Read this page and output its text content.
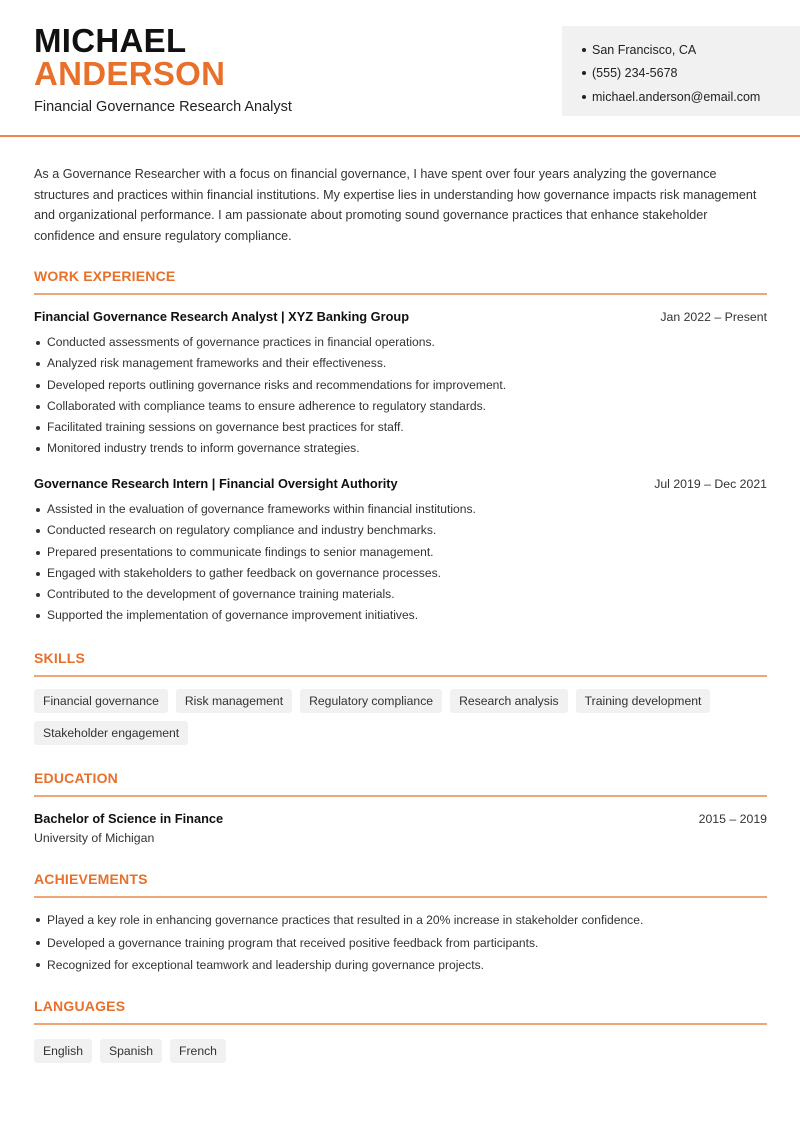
MICHAEL
ANDERSON
Financial Governance Research Analyst
San Francisco, CA
(555) 234-5678
michael.anderson@email.com

As a Governance Researcher with a focus on financial governance, I have spent over four years analyzing the governance structures and practices within financial institutions. My expertise lies in understanding how governance impacts risk management and organizational performance. I am passionate about promoting sound governance practices that enhance stakeholder confidence and ensure regulatory compliance.

WORK EXPERIENCE
Financial Governance Research Analyst | XYZ Banking Group	Jan 2022 – Present
Conducted assessments of governance practices in financial operations.
Analyzed risk management frameworks and their effectiveness.
Developed reports outlining governance risks and recommendations for improvement.
Collaborated with compliance teams to ensure adherence to regulatory standards.
Facilitated training sessions on governance best practices for staff.
Monitored industry trends to inform governance strategies.
Governance Research Intern | Financial Oversight Authority	Jul 2019 – Dec 2021
Assisted in the evaluation of governance frameworks within financial institutions.
Conducted research on regulatory compliance and industry benchmarks.
Prepared presentations to communicate findings to senior management.
Engaged with stakeholders to gather feedback on governance processes.
Contributed to the development of governance training materials.
Supported the implementation of governance improvement initiatives.
SKILLS
Financial governance	Risk management	Regulatory compliance	Research analysis	Training development
Stakeholder engagement
EDUCATION
Bachelor of Science in Finance	2015 – 2019
University of Michigan
ACHIEVEMENTS
Played a key role in enhancing governance practices that resulted in a 20% increase in stakeholder confidence.
Developed a governance training program that received positive feedback from participants.
Recognized for exceptional teamwork and leadership during governance projects.
LANGUAGES
English	Spanish	French
